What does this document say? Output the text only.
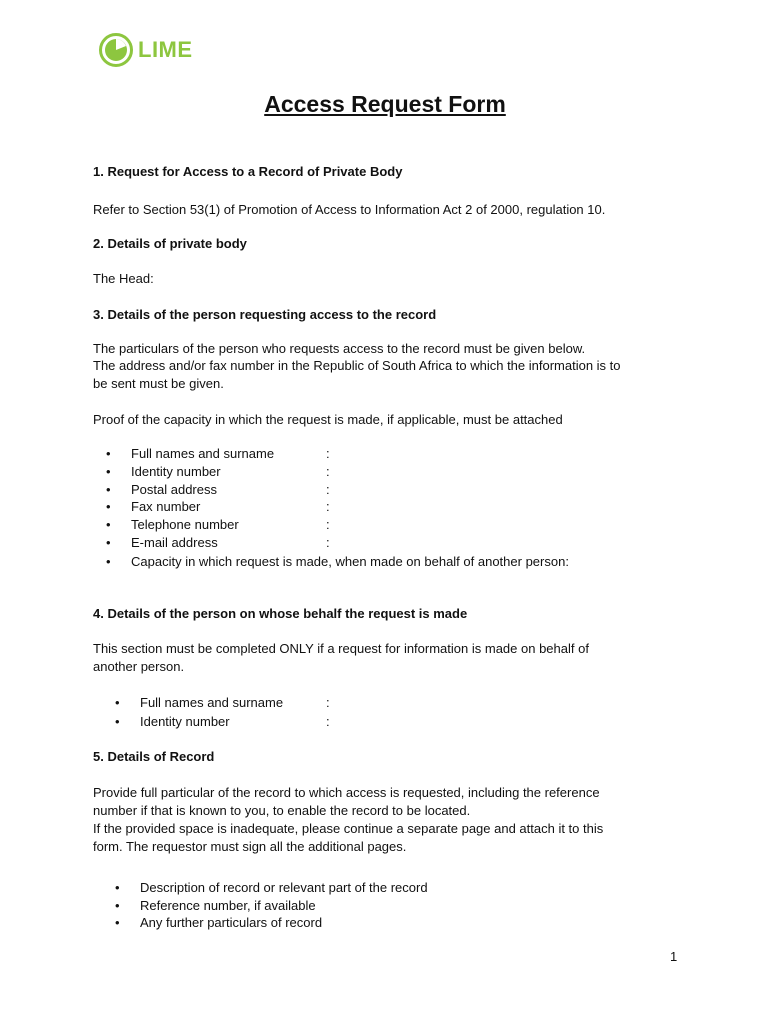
LIME
Access Request Form
1. Request for Access to a Record of Private Body
Refer to Section 53(1) of Promotion of Access to Information Act 2 of 2000, regulation 10.
2. Details of private body
The Head:
3. Details of the person requesting access to the record
The particulars of the person who requests access to the record must be given below.
The address and/or fax number in the Republic of South Africa to which the information is to
be sent must be given.
Proof of the capacity in which the request is made, if applicable, must be attached
• Full names and surname	:
• Identity number	:
• Postal address	:
• Fax number	:
• Telephone number	:
• E-mail address	:
• Capacity in which request is made, when made on behalf of another person:
4. Details of the person on whose behalf the request is made
This section must be completed ONLY if a request for information is made on behalf of
another person.
• Full names and surname	:
• Identity number	:
5. Details of Record
Provide full particular of the record to which access is requested, including the reference
number if that is known to you, to enable the record to be located.
If the provided space is inadequate, please continue a separate page and attach it to this
form. The requestor must sign all the additional pages.
• Description of record or relevant part of the record
• Reference number, if available
• Any further particulars of record
1
